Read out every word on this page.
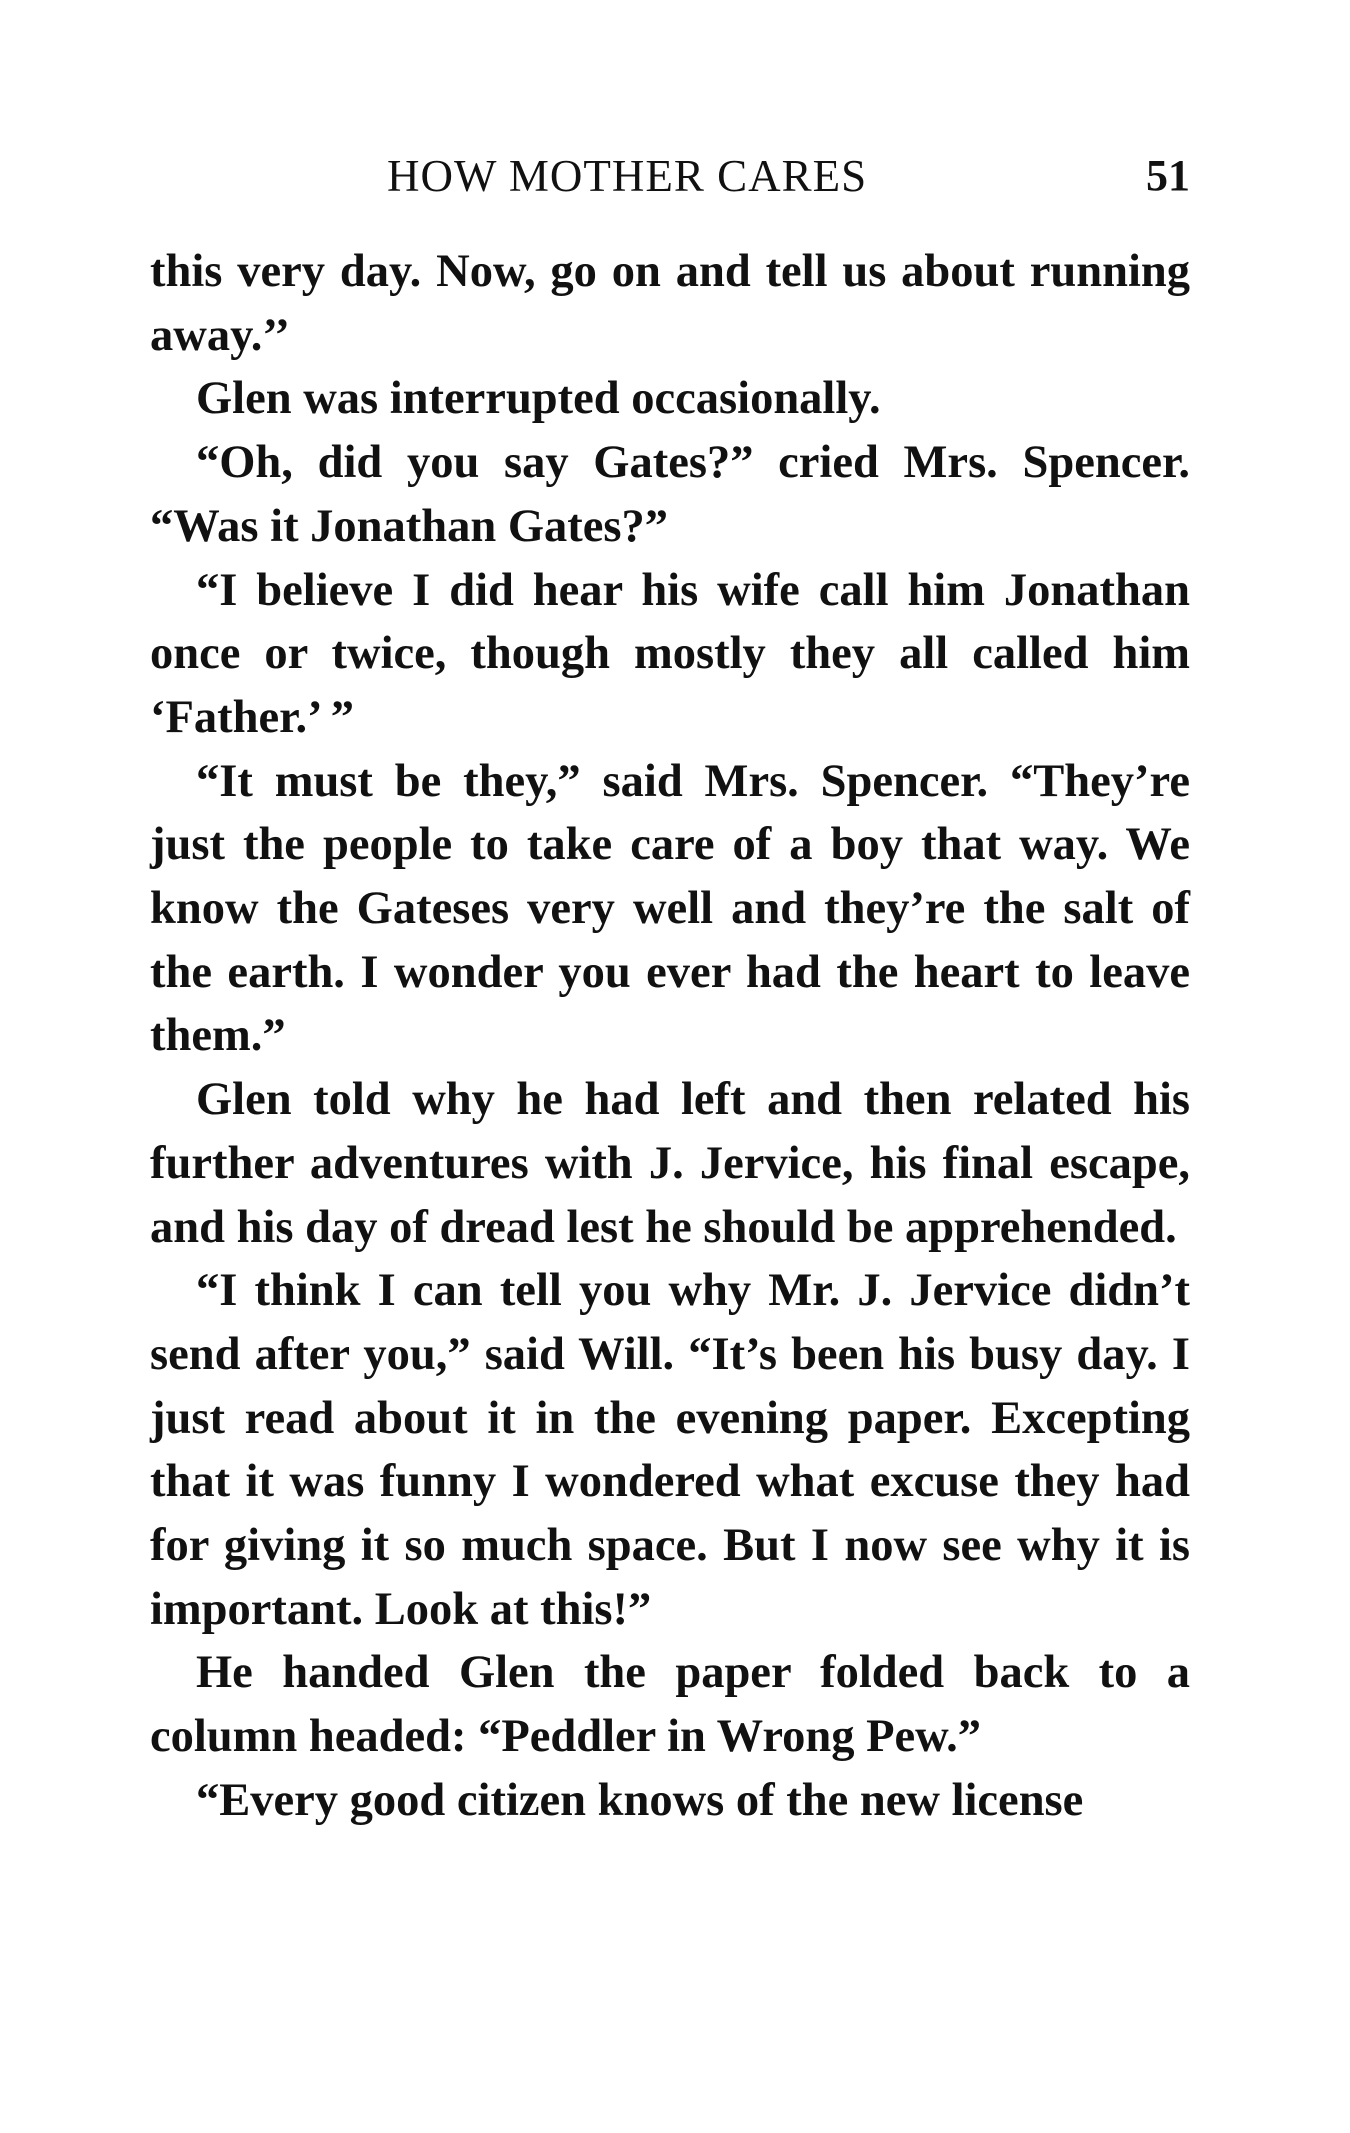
HOW MOTHER CARES	51

this very day. Now, go on and tell us about running away.’’

Glen was interrupted occasionally.

“Oh, did you say Gates?” cried Mrs. Spencer. “Was it Jonathan Gates?”

“I believe I did hear his wife call him Jonathan once or twice, though mostly they all called him ‘Father.’ ”

“It must be they,” said Mrs. Spencer. “They’re just the people to take care of a boy that way. We know the Gateses very well and they’re the salt of the earth. I wonder you ever had the heart to leave them.”

Glen told why he had left and then related his further adventures with J. Jervice, his final escape, and his day of dread lest he should be apprehended.

“I think I can tell you why Mr. J. Jervice didn’t send after you,” said Will. “It’s been his busy day. I just read about it in the evening paper. Excepting that it was funny I wondered what excuse they had for giving it so much space. But I now see why it is important. Look at this!”

He handed Glen the paper folded back to a column headed: “Peddler in Wrong Pew.”

“Every good citizen knows of the new license
